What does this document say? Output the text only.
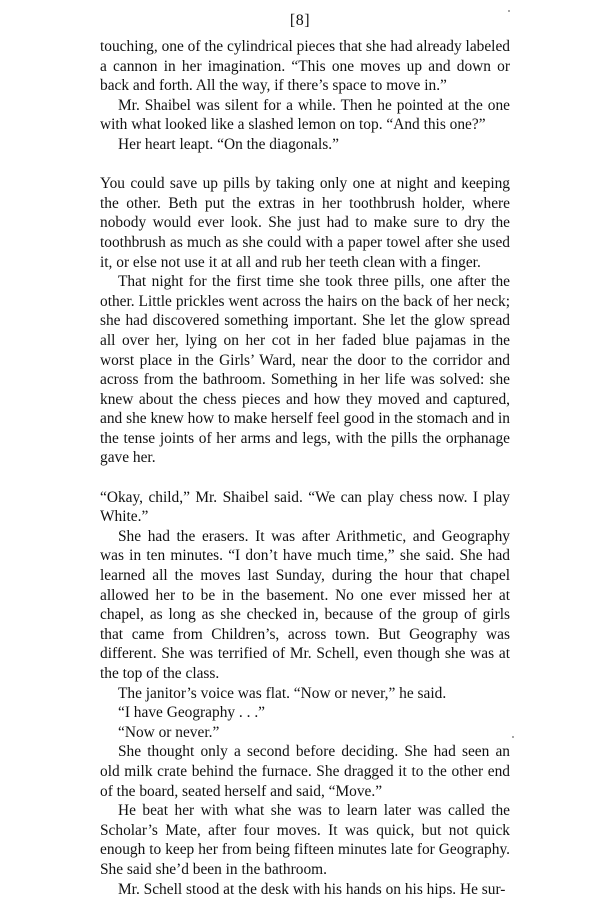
[8]

touching, one of the cylindrical pieces that she had already labeled a cannon in her imagination. “This one moves up and down or back and forth. All the way, if there’s space to move in.”

Mr. Shaibel was silent for a while. Then he pointed at the one with what looked like a slashed lemon on top. “And this one?”

Her heart leapt. “On the diagonals.”

You could save up pills by taking only one at night and keeping the other. Beth put the extras in her toothbrush holder, where nobody would ever look. She just had to make sure to dry the toothbrush as much as she could with a paper towel after she used it, or else not use it at all and rub her teeth clean with a finger.

That night for the first time she took three pills, one after the other. Little prickles went across the hairs on the back of her neck; she had discovered something important. She let the glow spread all over her, lying on her cot in her faded blue pajamas in the worst place in the Girls’ Ward, near the door to the corridor and across from the bathroom. Something in her life was solved: she knew about the chess pieces and how they moved and captured, and she knew how to make herself feel good in the stomach and in the tense joints of her arms and legs, with the pills the orphanage gave her.

“Okay, child,” Mr. Shaibel said. “We can play chess now. I play White.”

She had the erasers. It was after Arithmetic, and Geography was in ten minutes. “I don’t have much time,” she said. She had learned all the moves last Sunday, during the hour that chapel allowed her to be in the basement. No one ever missed her at chapel, as long as she checked in, because of the group of girls that came from Children’s, across town. But Geography was different. She was terrified of Mr. Schell, even though she was at the top of the class.

The janitor’s voice was flat. “Now or never,” he said.

“I have Geography . . .”

“Now or never.”

She thought only a second before deciding. She had seen an old milk crate behind the furnace. She dragged it to the other end of the board, seated herself and said, “Move.”

He beat her with what she was to learn later was called the Scholar’s Mate, after four moves. It was quick, but not quick enough to keep her from being fifteen minutes late for Geography. She said she’d been in the bathroom.

Mr. Schell stood at the desk with his hands on his hips. He sur-
